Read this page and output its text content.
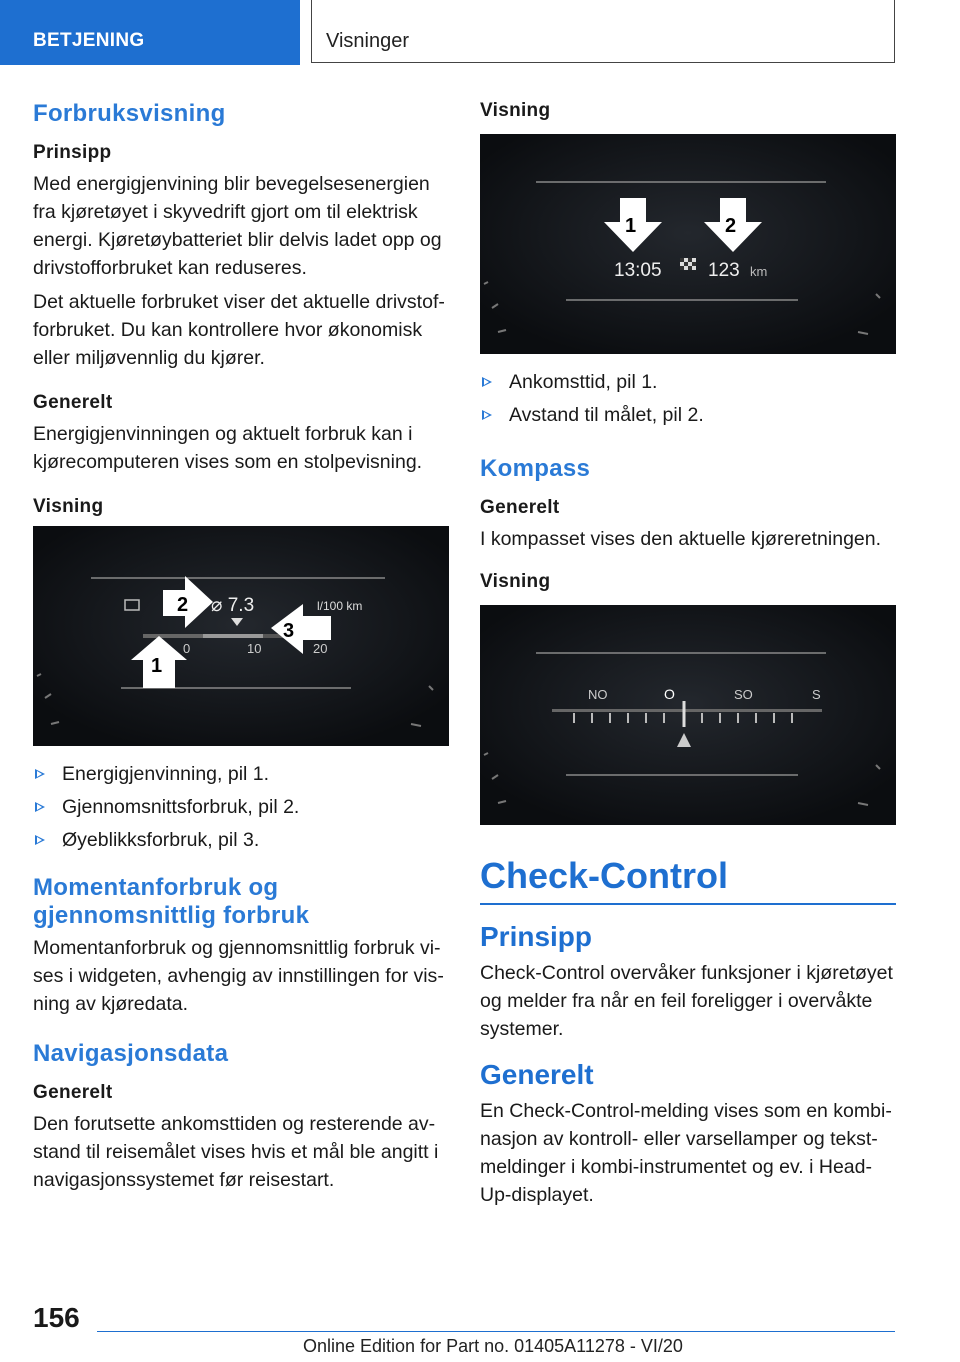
BETJENING	Visninger
Forbruksvisning
Prinsipp

Med energigjenvining blir bevegelsesenergien fra kjøretøyet i skyvedrift gjort om til elektrisk energi. Kjøretøybatteriet blir delvis ladet opp og drivstofforbruket kan reduseres.

Det aktuelle forbruket viser det aktuelle drivstofforbruket. Du kan kontrollere hvor økonomisk eller miljøvennlig du kjører.

Generelt

Energigjenvinningen og aktuelt forbruk kan i kjørecomputeren vises som en stolpevisning.

Visning
⌀ 7.3	l/100 km
0	10	20
1
2
3
Energigjenvinning, pil 1.
Gjennomsnittsforbruk, pil 2.
Øyeblikksforbruk, pil 3.
Momentanforbruk og gjennomsnittlig forbruk

Momentanforbruk og gjennomsnittlig forbruk vises i widgeten, avhengig av innstillingen for visning av kjøredata.

Navigasjonsdata
Generelt

Den forutsette ankomsttiden og resterende avstand til reisemålet vises hvis et mål ble angitt i navigasjonssystemet før reisestart.

Visning
1	2
13:05 123 km
Ankomsttid, pil 1.
Avstand til målet, pil 2.
Kompass
Generelt

I kompasset vises den aktuelle kjøreretningen.

Visning
NO	O	SO	S
Check-Control
Prinsipp

Check-Control overvåker funksjoner i kjøretøyet og melder fra når en feil foreligger i overvåkte systemer.

Generelt

En Check-Control-melding vises som en kombinasjon av kontroll- eller varsellamper og tekstmeldinger i kombi-instrumentet og ev. i Head-Up-displayet.

156
Online Edition for Part no. 01405A11278 - VI/20
